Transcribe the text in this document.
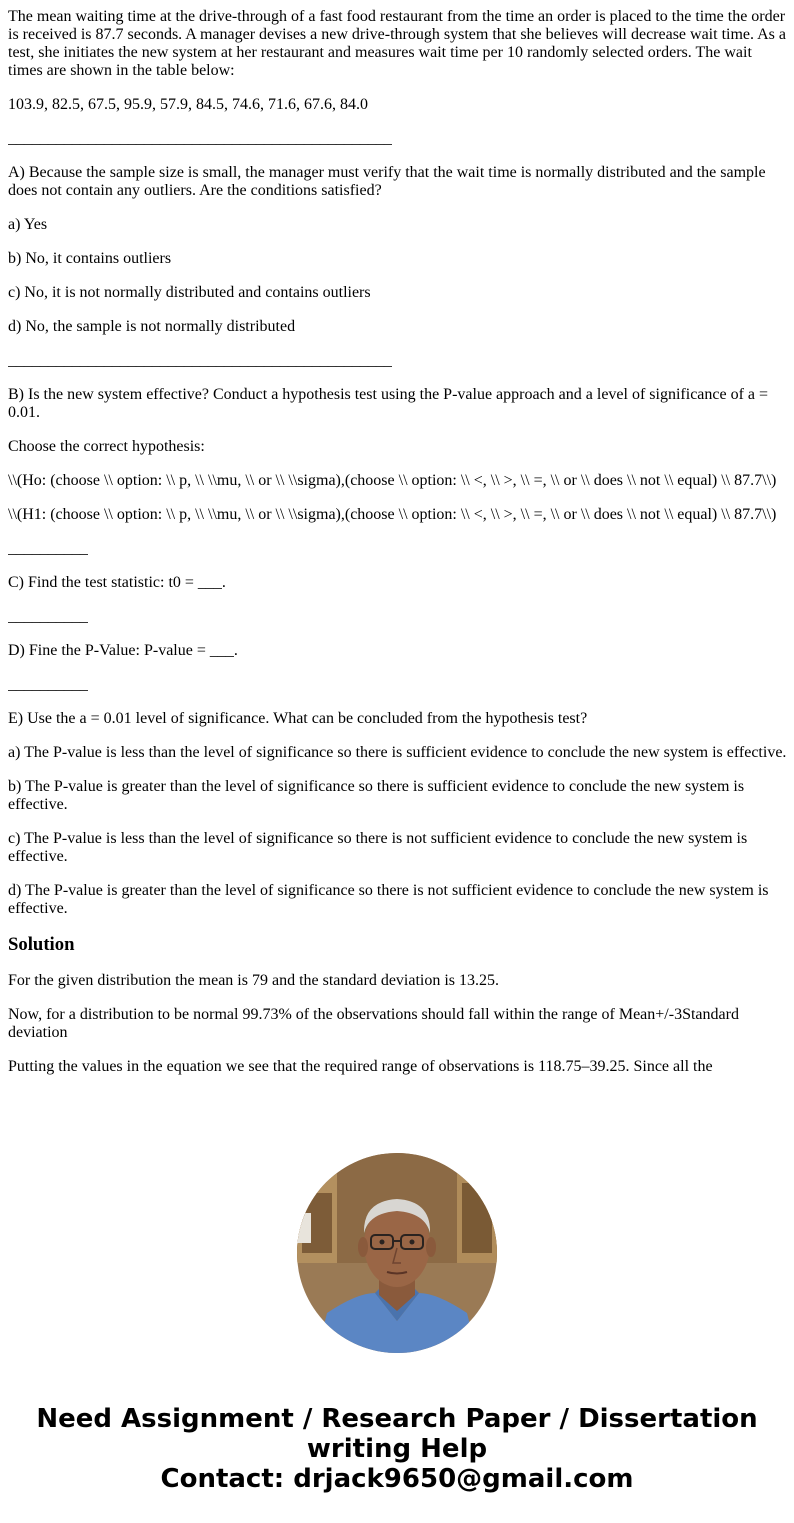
The mean waiting time at the drive-through of a fast food restaurant from the time an order is placed to the time the order is received is 87.7 seconds. A manager devises a new drive-through system that she believes will decrease wait time. As a test, she initiates the new system at her restaurant and measures wait time per 10 randomly selected orders. The wait times are shown in the table below:

103.9, 82.5, 67.5, 95.9, 57.9, 84.5, 74.6, 71.6, 67.6, 84.0

________________________________________________

A) Because the sample size is small, the manager must verify that the wait time is normally distributed and the sample does not contain any outliers. Are the conditions satisfied?

a) Yes

b) No, it contains outliers

c) No, it is not normally distributed and contains outliers

d) No, the sample is not normally distributed

________________________________________________

B) Is the new system effective? Conduct a hypothesis test using the P-value approach and a level of significance of a = 0.01.

Choose the correct hypothesis:

\\(Ho: (choose \\ option: \\ p, \\ \\mu, \\ or \\ \\sigma),(choose \\ option: \\ <, \\ >, \\ =, \\ or \\ does \\ not \\ equal) \\ 87.7\\)

\\(H1: (choose \\ option: \\ p, \\ \\mu, \\ or \\ \\sigma),(choose \\ option: \\ <, \\ >, \\ =, \\ or \\ does \\ not \\ equal) \\ 87.7\\)

__________

C) Find the test statistic: t0 = ___.

__________

D) Fine the P-Value: P-value = ___.

__________

E) Use the a = 0.01 level of significance. What can be concluded from the hypothesis test?

a) The P-value is less than the level of significance so there is sufficient evidence to conclude the new system is effective.

b) The P-value is greater than the level of significance so there is sufficient evidence to conclude the new system is effective.

c) The P-value is less than the level of significance so there is not sufficient evidence to conclude the new system is effective.

d) The P-value is greater than the level of significance so there is not sufficient evidence to conclude the new system is effective.

Solution

For the given distribution the mean is 79 and the standard deviation is 13.25.

Now, for a distribution to be normal 99.73% of the observations should fall within the range of Mean+/-3Standard deviation

Putting the values in the equation we see that the required range of observations is 118.75–39.25. Since all the

Need Assignment / Research Paper / Dissertation
writing Help
Contact: drjack9650@gmail.com
